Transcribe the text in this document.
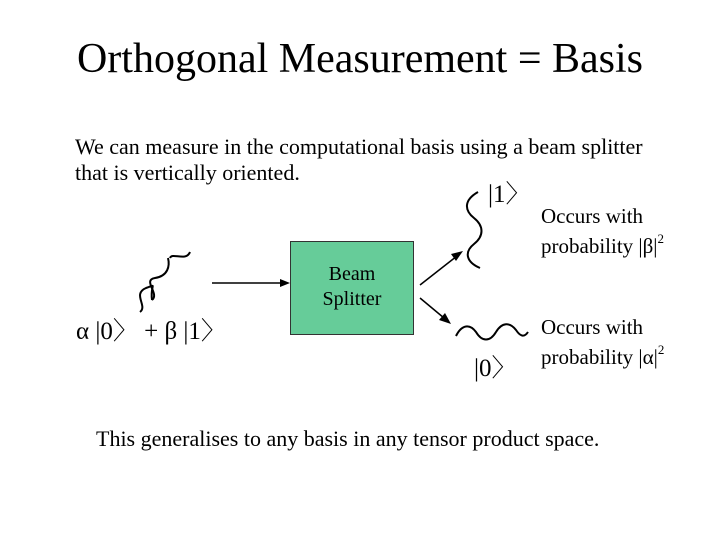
Orthogonal Measurement = Basis
We can measure in the computational basis using a beam splitter that is vertically oriented.
Beam
Splitter
α |0〉 + β |1〉
|1〉
Occurs with
probability $|\beta|^2$
|0〉
Occurs with
probability $|\alpha|^2$
This generalises to any basis in any tensor product space.
